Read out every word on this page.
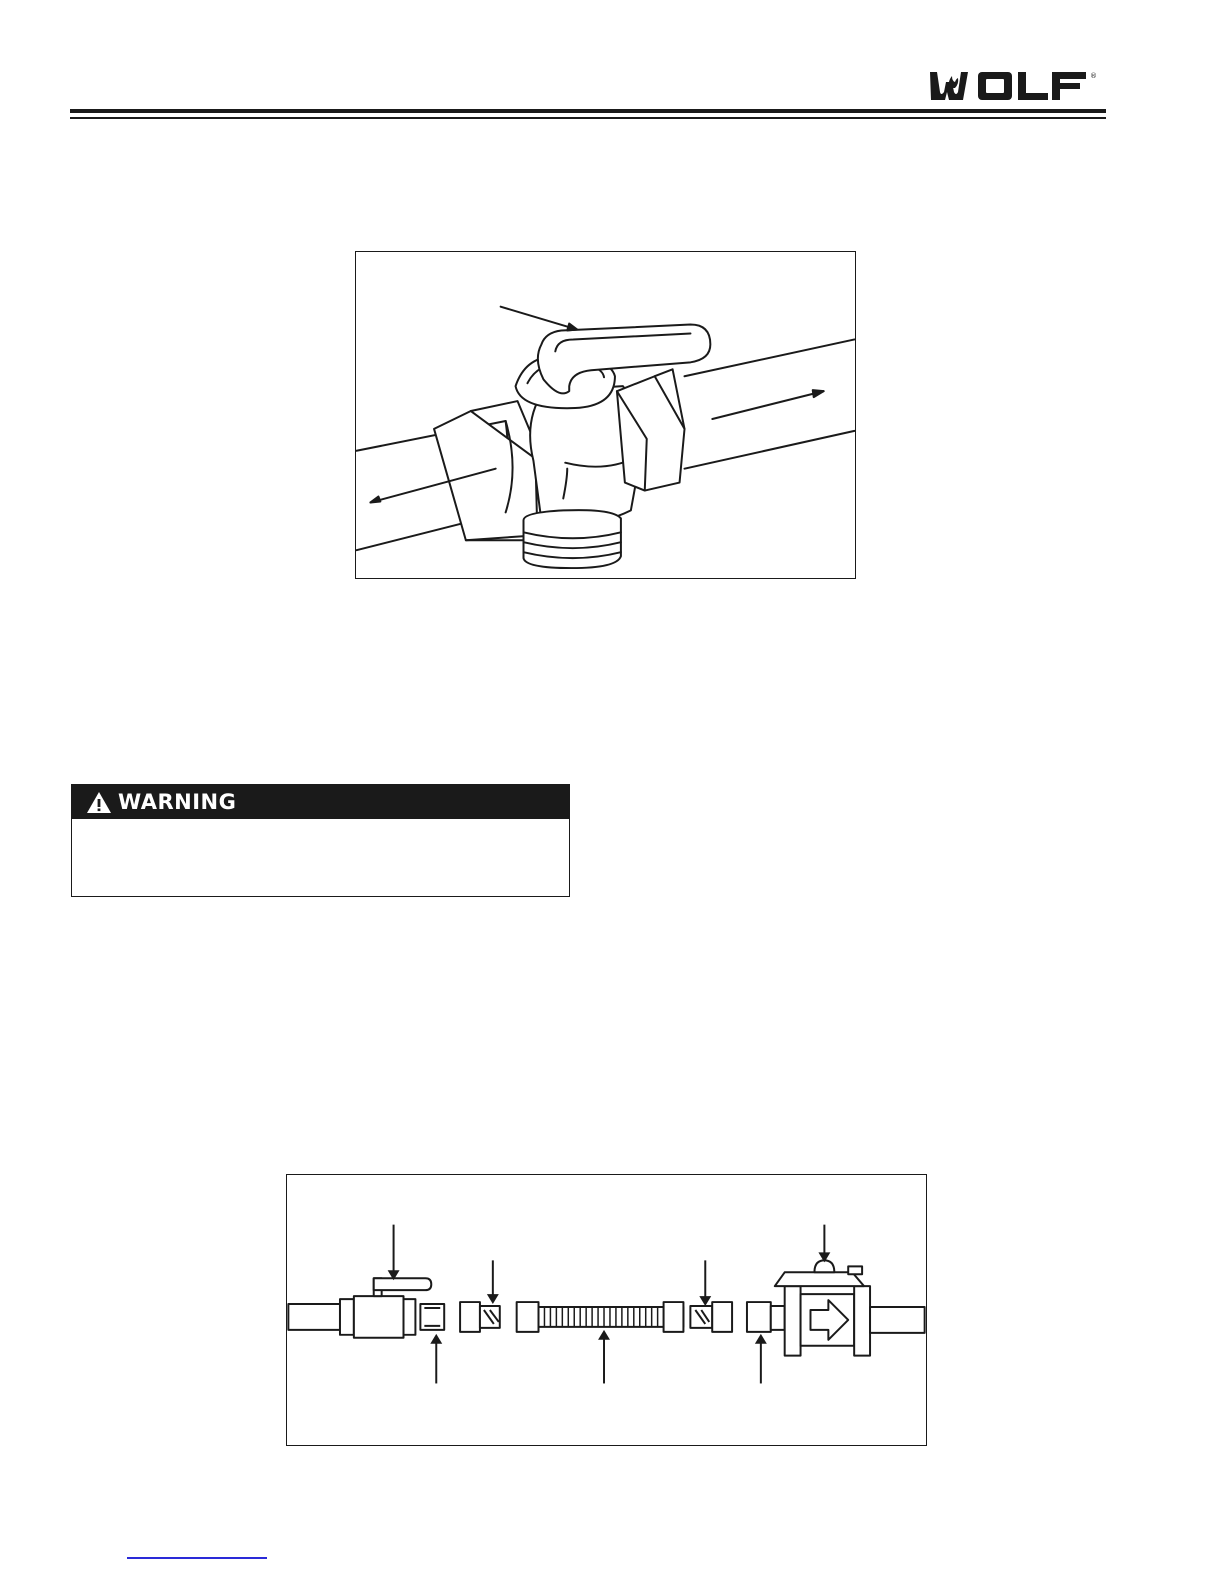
®
WARNING
